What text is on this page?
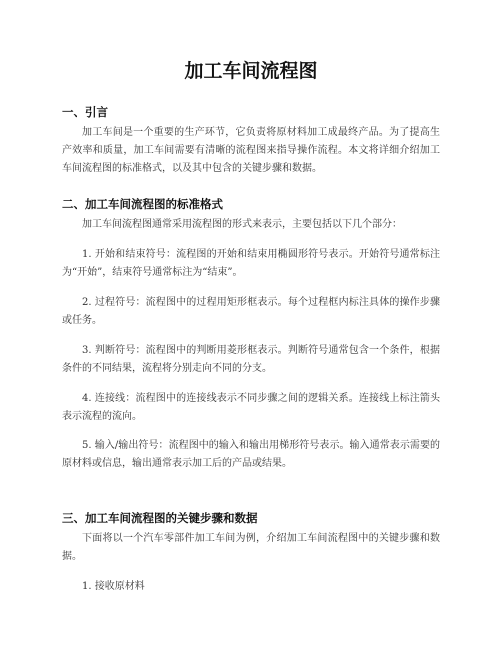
加工车间流程图
一、引言

加工车间是一个重要的生产环节，它负责将原材料加工成最终产品。为了提高生产效率和质量，加工车间需要有清晰的流程图来指导操作流程。本文将详细介绍加工车间流程图的标准格式，以及其中包含的关键步骤和数据。

二、加工车间流程图的标准格式

加工车间流程图通常采用流程图的形式来表示，主要包括以下几个部分：

1. 开始和结束符号：流程图的开始和结束用椭圆形符号表示。开始符号通常标注为“开始”，结束符号通常标注为“结束”。

2. 过程符号：流程图中的过程用矩形框表示。每个过程框内标注具体的操作步骤或任务。

3. 判断符号：流程图中的判断用菱形框表示。判断符号通常包含一个条件，根据条件的不同结果，流程将分别走向不同的分支。

4. 连接线：流程图中的连接线表示不同步骤之间的逻辑关系。连接线上标注箭头表示流程的流向。

5. 输入/输出符号：流程图中的输入和输出用梯形符号表示。输入通常表示需要的原材料或信息，输出通常表示加工后的产品或结果。

三、加工车间流程图的关键步骤和数据

下面将以一个汽车零部件加工车间为例，介绍加工车间流程图中的关键步骤和数据。

1. 接收原材料
